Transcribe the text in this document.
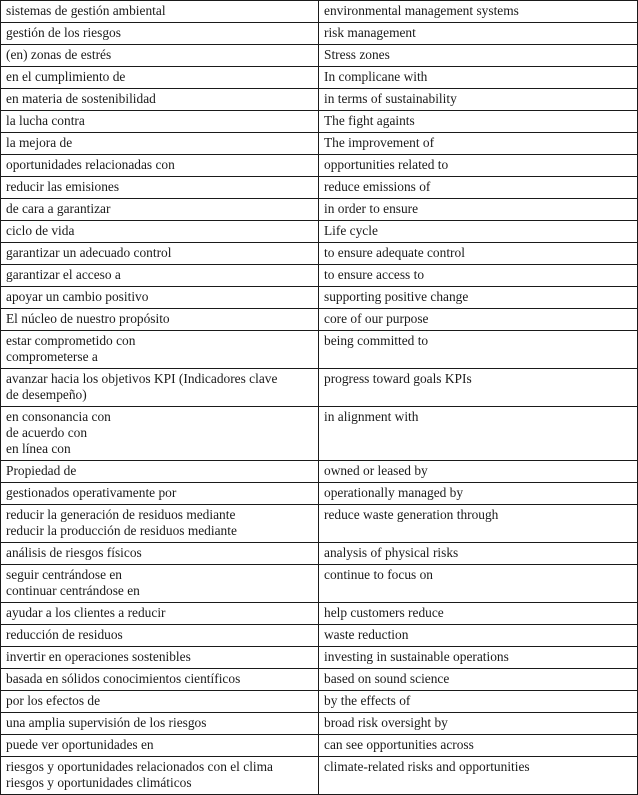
sistemas de gestión ambiental	environmental management systems
gestión de los riesgos	risk management
(en) zonas de estrés	Stress zones
en el cumplimiento de	In complicane with
en materia de sostenibilidad	in terms of sustainability
la lucha contra	The fight againts
la mejora de	The improvement of
oportunidades relacionadas con	opportunities related to
reducir las emisiones	reduce emissions of
de cara a garantizar	in order to ensure
ciclo de vida	Life cycle
garantizar un adecuado control	to ensure adequate control
garantizar el acceso a	to ensure access to
apoyar un cambio positivo	supporting positive change
El núcleo de nuestro propósito	core of our purpose
estar comprometido con
comprometerse a	being committed to
avanzar hacia los objetivos KPI (Indicadores clave
de desempeño)	progress toward goals KPIs
en consonancia con
de acuerdo con
en línea con	in alignment with
Propiedad de	owned or leased by
gestionados operativamente por	operationally managed by
reducir la generación de residuos mediante
reducir la producción de residuos mediante	reduce waste generation through
análisis de riesgos físicos	analysis of physical risks
seguir centrándose en
continuar centrándose en	continue to focus on
ayudar a los clientes a reducir	help customers reduce
reducción de residuos	waste reduction
invertir en operaciones sostenibles	investing in sustainable operations
basada en sólidos conocimientos científicos	based on sound science
por los efectos de	by the effects of
una amplia supervisión de los riesgos	broad risk oversight by
puede ver oportunidades en	can see opportunities across
riesgos y oportunidades relacionados con el clima
riesgos y oportunidades climáticos	climate-related risks and opportunities
